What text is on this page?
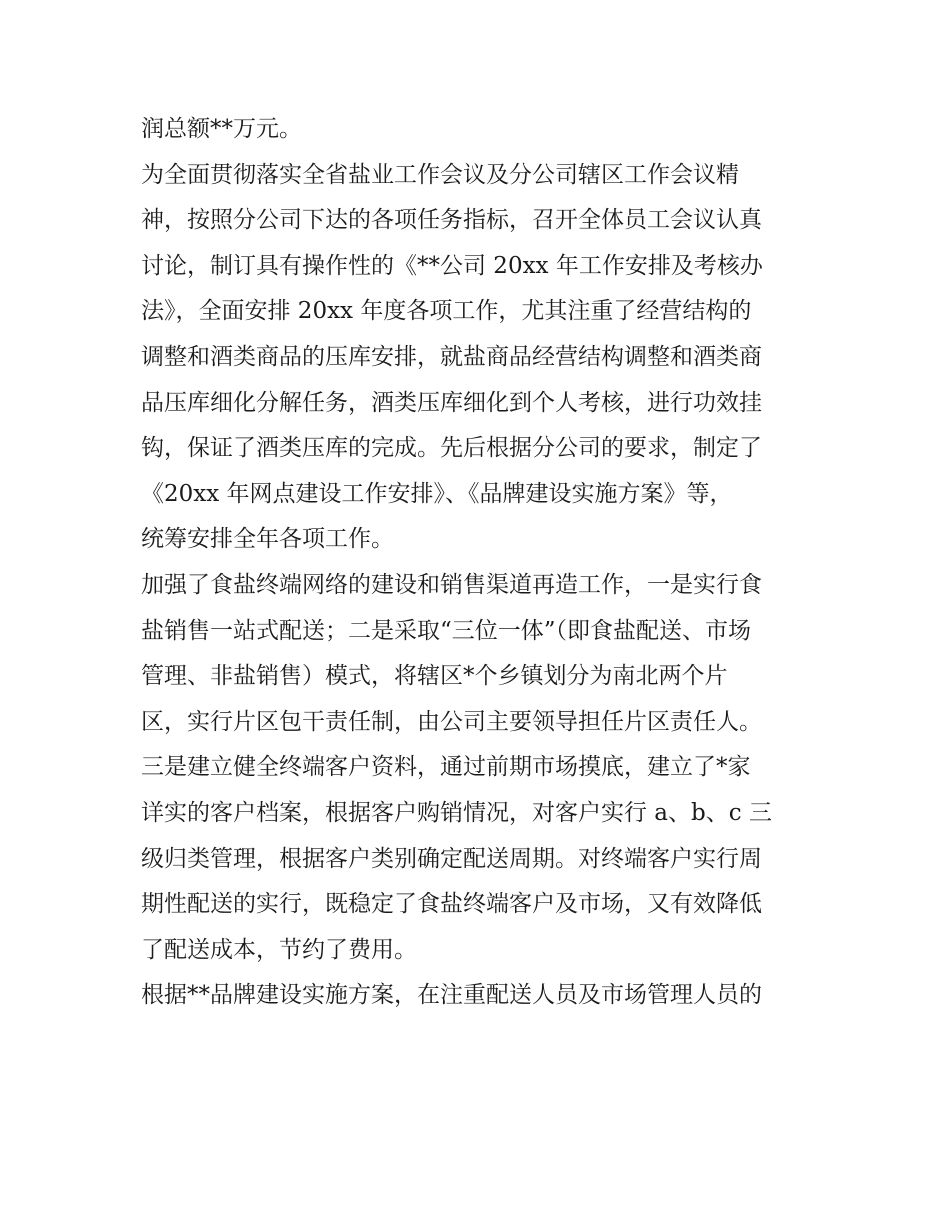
润总额**万元。
为全面贯彻落实全省盐业工作会议及分公司辖区工作会议精
神，按照分公司下达的各项任务指标，召开全体员工会议认真
讨论，制订具有操作性的《**公司 20xx 年工作安排及考核办
法》，全面安排 20xx 年度各项工作，尤其注重了经营结构的
调整和酒类商品的压库安排，就盐商品经营结构调整和酒类商
品压库细化分解任务，酒类压库细化到个人考核，进行功效挂
钩，保证了酒类压库的完成。先后根据分公司的要求，制定了
《20xx 年网点建设工作安排》、《品牌建设实施方案》等，
统筹安排全年各项工作。
加强了食盐终端网络的建设和销售渠道再造工作，一是实行食
盐销售一站式配送；二是采取“三位一体”（即食盐配送、市场
管理、非盐销售）模式，将辖区*个乡镇划分为南北两个片
区，实行片区包干责任制，由公司主要领导担任片区责任人。
三是建立健全终端客户资料，通过前期市场摸底，建立了*家
详实的客户档案，根据客户购销情况，对客户实行 a、b、c 三
级归类管理，根据客户类别确定配送周期。对终端客户实行周
期性配送的实行，既稳定了食盐终端客户及市场，又有效降低
了配送成本，节约了费用。
根据**品牌建设实施方案，在注重配送人员及市场管理人员的
